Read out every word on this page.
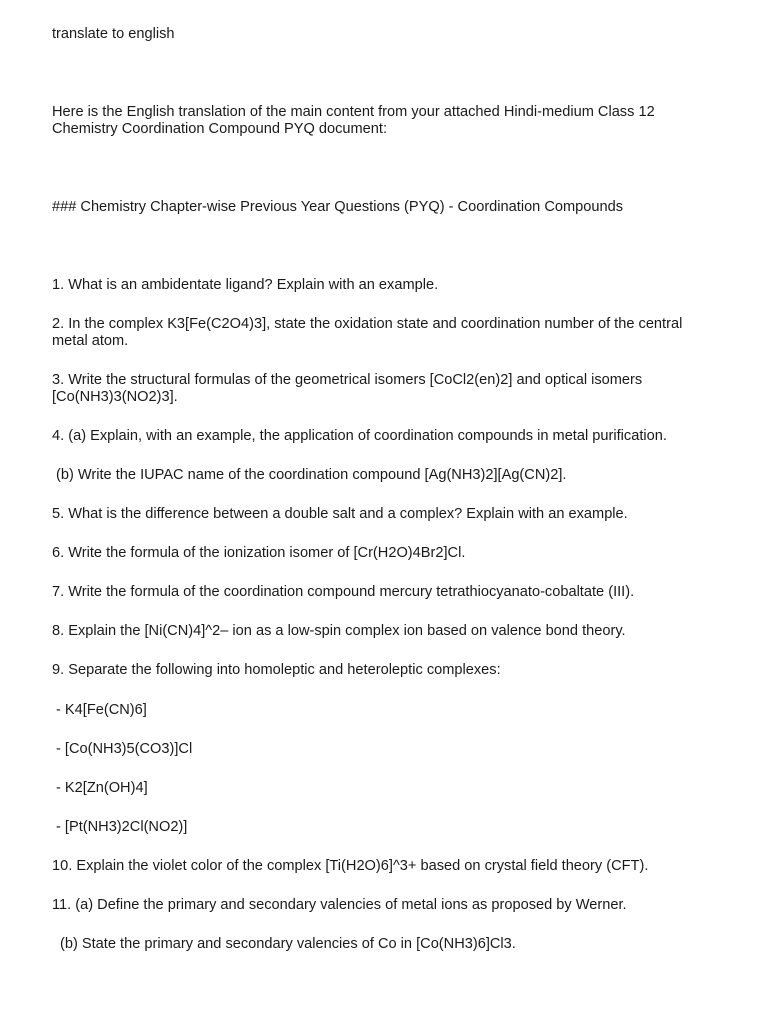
translate to english
Here is the English translation of the main content from your attached Hindi-medium Class 12 Chemistry Coordination Compound PYQ document:
### Chemistry Chapter-wise Previous Year Questions (PYQ) - Coordination Compounds
1. What is an ambidentate ligand? Explain with an example.
2. In the complex K3[Fe(C2O4)3], state the oxidation state and coordination number of the central metal atom.
3. Write the structural formulas of the geometrical isomers [CoCl2(en)2] and optical isomers [Co(NH3)3(NO2)3].
4. (a) Explain, with an example, the application of coordination compounds in metal purification.
(b) Write the IUPAC name of the coordination compound [Ag(NH3)2][Ag(CN)2].
5. What is the difference between a double salt and a complex? Explain with an example.
6. Write the formula of the ionization isomer of [Cr(H2O)4Br2]Cl.
7. Write the formula of the coordination compound mercury tetrathiocyanato-cobaltate (III).
8. Explain the [Ni(CN)4]^2– ion as a low-spin complex ion based on valence bond theory.
9. Separate the following into homoleptic and heteroleptic complexes:
- K4[Fe(CN)6]
- [Co(NH3)5(CO3)]Cl
- K2[Zn(OH)4]
- [Pt(NH3)2Cl(NO2)]
10. Explain the violet color of the complex [Ti(H2O)6]^3+ based on crystal field theory (CFT).
11. (a) Define the primary and secondary valencies of metal ions as proposed by Werner.
(b) State the primary and secondary valencies of Co in [Co(NH3)6]Cl3.
